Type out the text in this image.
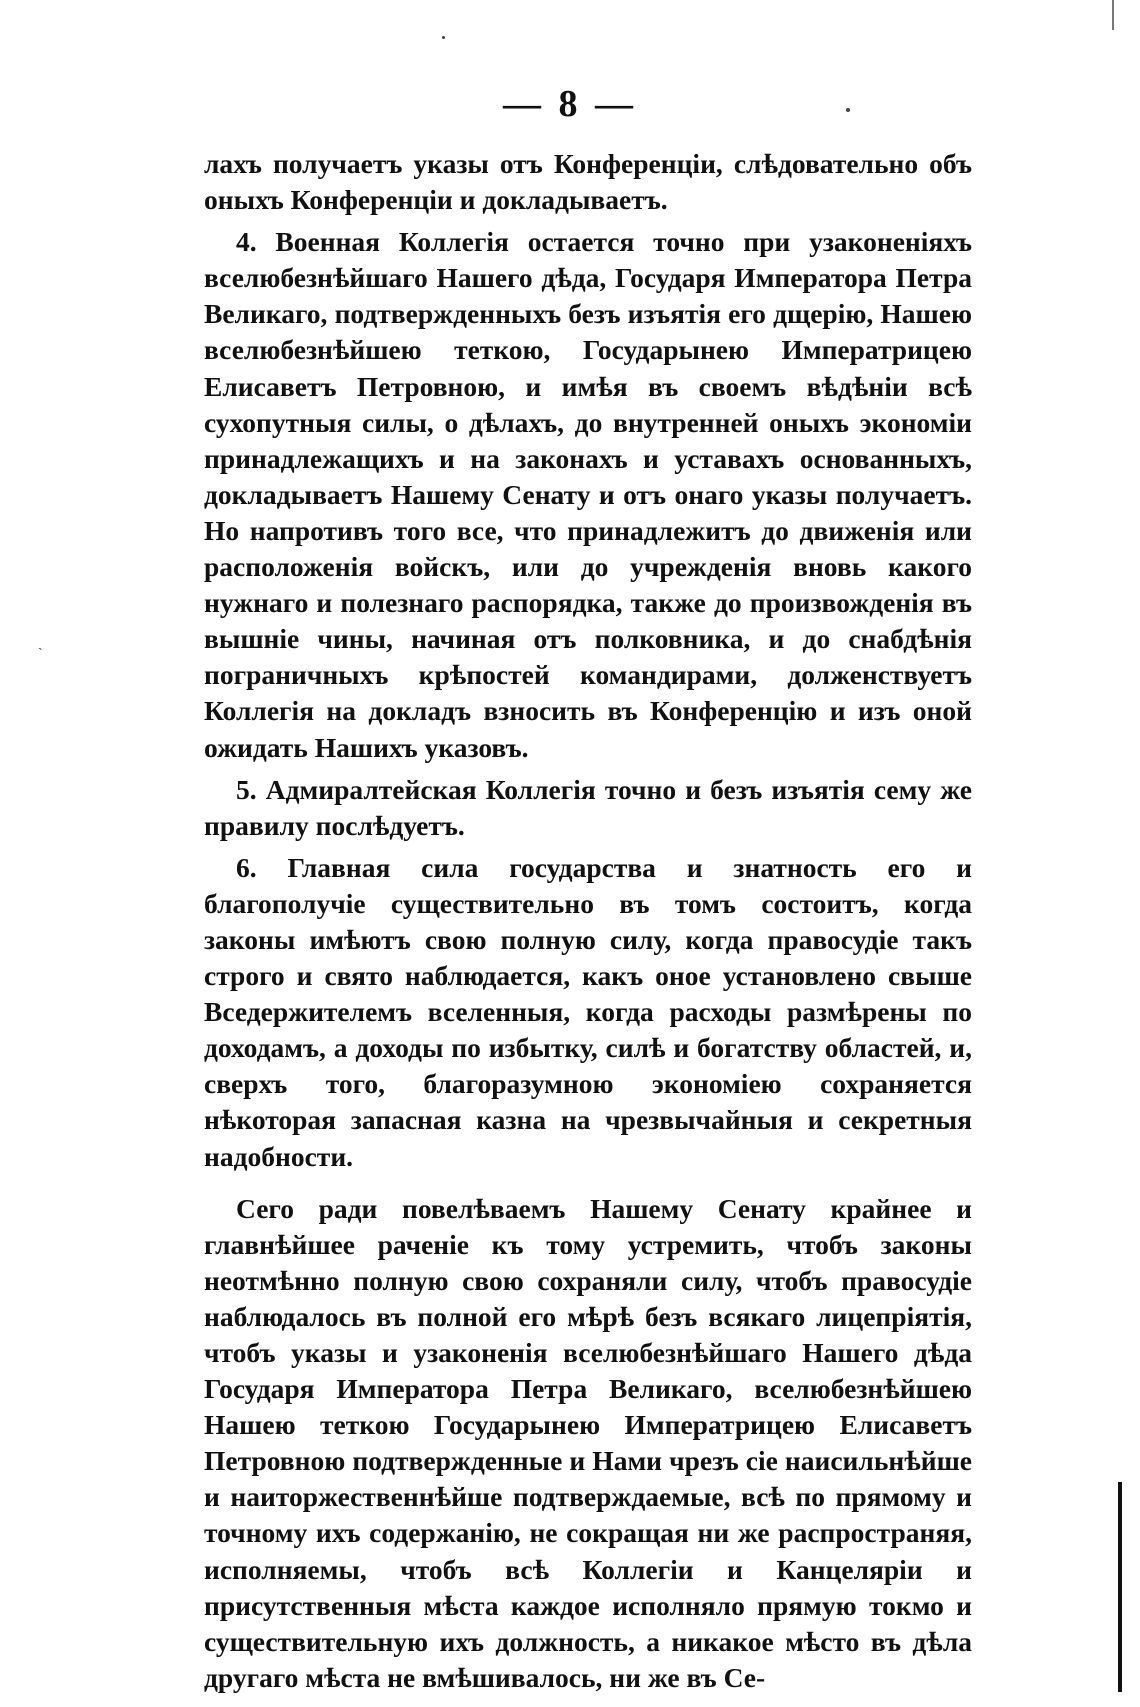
— 8 —

лахъ получаетъ указы отъ Конференціи, слѣдовательно объ оныхъ Конференціи и докладываетъ.

4. Военная Коллегія остается точно при узаконеніяхъ вселюбезнѣйшаго Нашего дѣда, Государя Императора Петра Великаго, подтвержденныхъ безъ изъятія его дщерію, Нашею вселюбезнѣйшею теткою, Государынею Императрицею Елисаветъ Петровною, и имѣя въ своемъ вѣдѣніи всѣ сухопутныя силы, о дѣлахъ, до внутренней оныхъ экономіи принадлежащихъ и на законахъ и уставахъ основанныхъ, докладываетъ Нашему Сенату и отъ онаго указы получаетъ. Но напротивъ того все, что принадлежитъ до движенія или расположенія войскъ, или до учрежденія вновь какого нужнаго и полезнаго распорядка, также до произвожденія въ вышніе чины, начиная отъ полковника, и до снабдѣнія пограничныхъ крѣпостей командирами, долженствуетъ Коллегія на докладъ взносить въ Конференцію и изъ оной ожидать Нашихъ указовъ.

5. Адмиралтейская Коллегія точно и безъ изъятія сему же правилу послѣдуетъ.

6. Главная сила государства и знатность его и благополучіе существительно въ томъ состоитъ, когда законы имѣютъ свою полную силу, когда правосудіе такъ строго и свято наблюдается, какъ оное установлено свыше Вседержителемъ вселенныя, когда расходы размѣрены по доходамъ, а доходы по избытку, силѣ и богатству областей, и, сверхъ того, благоразумною экономіею сохраняется нѣкоторая запасная казна на чрезвычайныя и секретныя надобности.

Сего ради повелѣваемъ Нашему Сенату крайнее и главнѣйшее раченіе къ тому устремить, чтобъ законы неотмѣнно полную свою сохраняли силу, чтобъ правосудіе наблюдалось въ полной его мѣрѣ безъ всякаго лицепріятія, чтобъ указы и узаконенія вселюбезнѣйшаго Нашего дѣда Государя Императора Петра Великаго, вселюбезнѣйшею Нашею теткою Государынею Императрицею Елисаветъ Петровною подтвержденные и Нами чрезъ сіе наисильнѣйше и наиторжественнѣйше подтверждаемые, всѣ по прямому и точному ихъ содержанію, не сокращая ни же распространяя, исполняемы, чтобъ всѣ Коллегіи и Канцеляріи и присутственныя мѣста каждое исполняло прямую токмо и существительную ихъ должность, а никакое мѣсто въ дѣла другаго мѣста не вмѣшивалось, ни же въ Се-

ˏ
